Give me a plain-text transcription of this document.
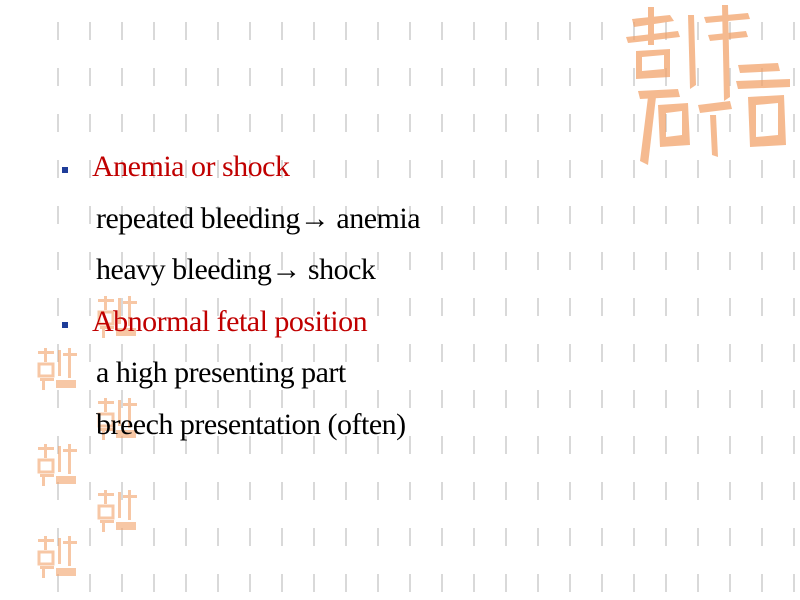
Anemia or shock
repeated bleeding→ anemia
heavy bleeding→ shock
Abnormal fetal position
a high presenting part
breech presentation (often)
